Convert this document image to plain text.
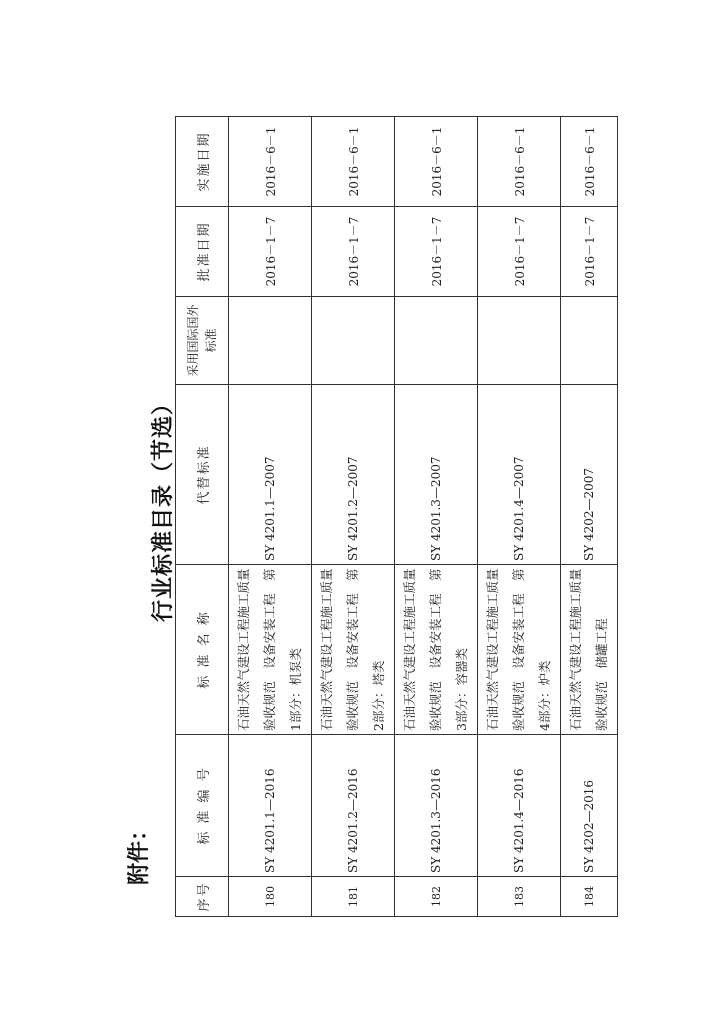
附件：
行业标准目录（节选）
序号	标 准 编 号	标 准 名 称	代替标准	采用国际国外标准	批准日期	实施日期
180	SY 4201.1—2016	石油天然气建设工程施工质量验收规范　设备安装工程　第1部分：机泵类	SY 4201.1—2007		2016－1－7	2016－6－1
181	SY 4201.2—2016	石油天然气建设工程施工质量验收规范　设备安装工程　第2部分：塔类	SY 4201.2—2007		2016－1－7	2016－6－1
182	SY 4201.3—2016	石油天然气建设工程施工质量验收规范　设备安装工程　第3部分：容器类	SY 4201.3—2007		2016－1－7	2016－6－1
183	SY 4201.4—2016	石油天然气建设工程施工质量验收规范　设备安装工程　第4部分：炉类	SY 4201.4—2007		2016－1－7	2016－6－1
184	SY 4202—2016	石油天然气建设工程施工质量验收规范　储罐工程	SY 4202—2007		2016－1－7	2016－6－1
